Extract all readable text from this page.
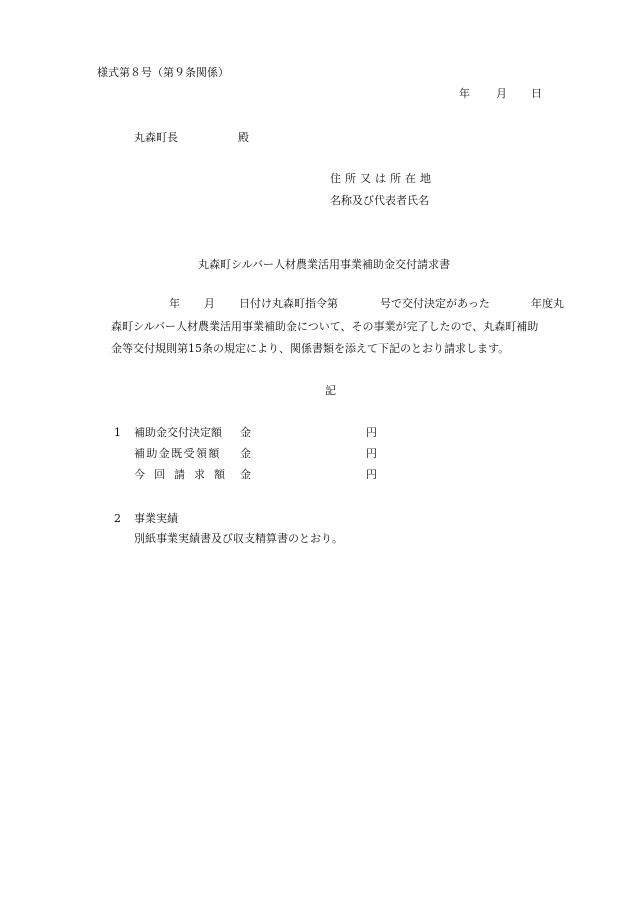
様式第８号（第９条関係）
年 月 日
丸森町長	殿
住所又は所在地
名称及び代表者氏名
丸森町シルバー人材農業活用事業補助金交付請求書
年 月 日付け丸森町指令第	号で交付決定があった	年度丸
森町シルバー人材農業活用事業補助金について、その事業が完了したので、丸森町補助
金等交付規則第15条の規定により、関係書類を添えて下記のとおり請求します。
記
1 補助金交付決定額 金	円
補助金既受領額 金	円
今回請求額 金	円
2 事業実績
別紙事業実績書及び収支精算書のとおり。
